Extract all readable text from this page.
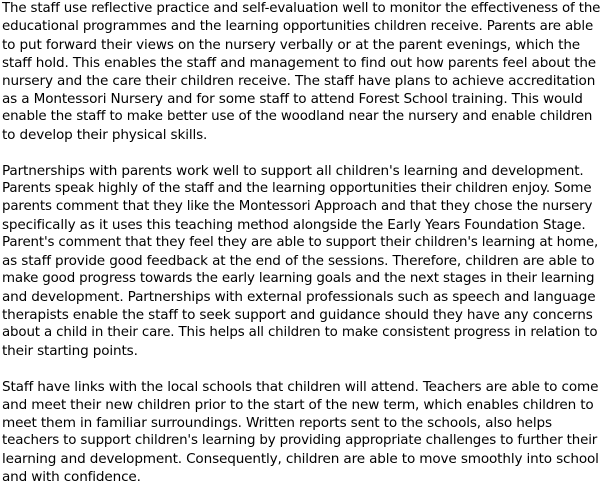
The staff use reflective practice and self-evaluation well to monitor the effectiveness of the
educational programmes and the learning opportunities children receive. Parents are able
to put forward their views on the nursery verbally or at the parent evenings, which the
staff hold. This enables the staff and management to find out how parents feel about the
nursery and the care their children receive. The staff have plans to achieve accreditation
as a Montessori Nursery and for some staff to attend Forest School training. This would
enable the staff to make better use of the woodland near the nursery and enable children
to develop their physical skills.
Partnerships with parents work well to support all children's learning and development.
Parents speak highly of the staff and the learning opportunities their children enjoy. Some
parents comment that they like the Montessori Approach and that they chose the nursery
specifically as it uses this teaching method alongside the Early Years Foundation Stage.
Parent's comment that they feel they are able to support their children's learning at home,
as staff provide good feedback at the end of the sessions. Therefore, children are able to
make good progress towards the early learning goals and the next stages in their learning
and development. Partnerships with external professionals such as speech and language
therapists enable the staff to seek support and guidance should they have any concerns
about a child in their care. This helps all children to make consistent progress in relation to
their starting points.
Staff have links with the local schools that children will attend. Teachers are able to come
and meet their new children prior to the start of the new term, which enables children to
meet them in familiar surroundings. Written reports sent to the schools, also helps
teachers to support children's learning by providing appropriate challenges to further their
learning and development. Consequently, children are able to move smoothly into school
and with confidence.
